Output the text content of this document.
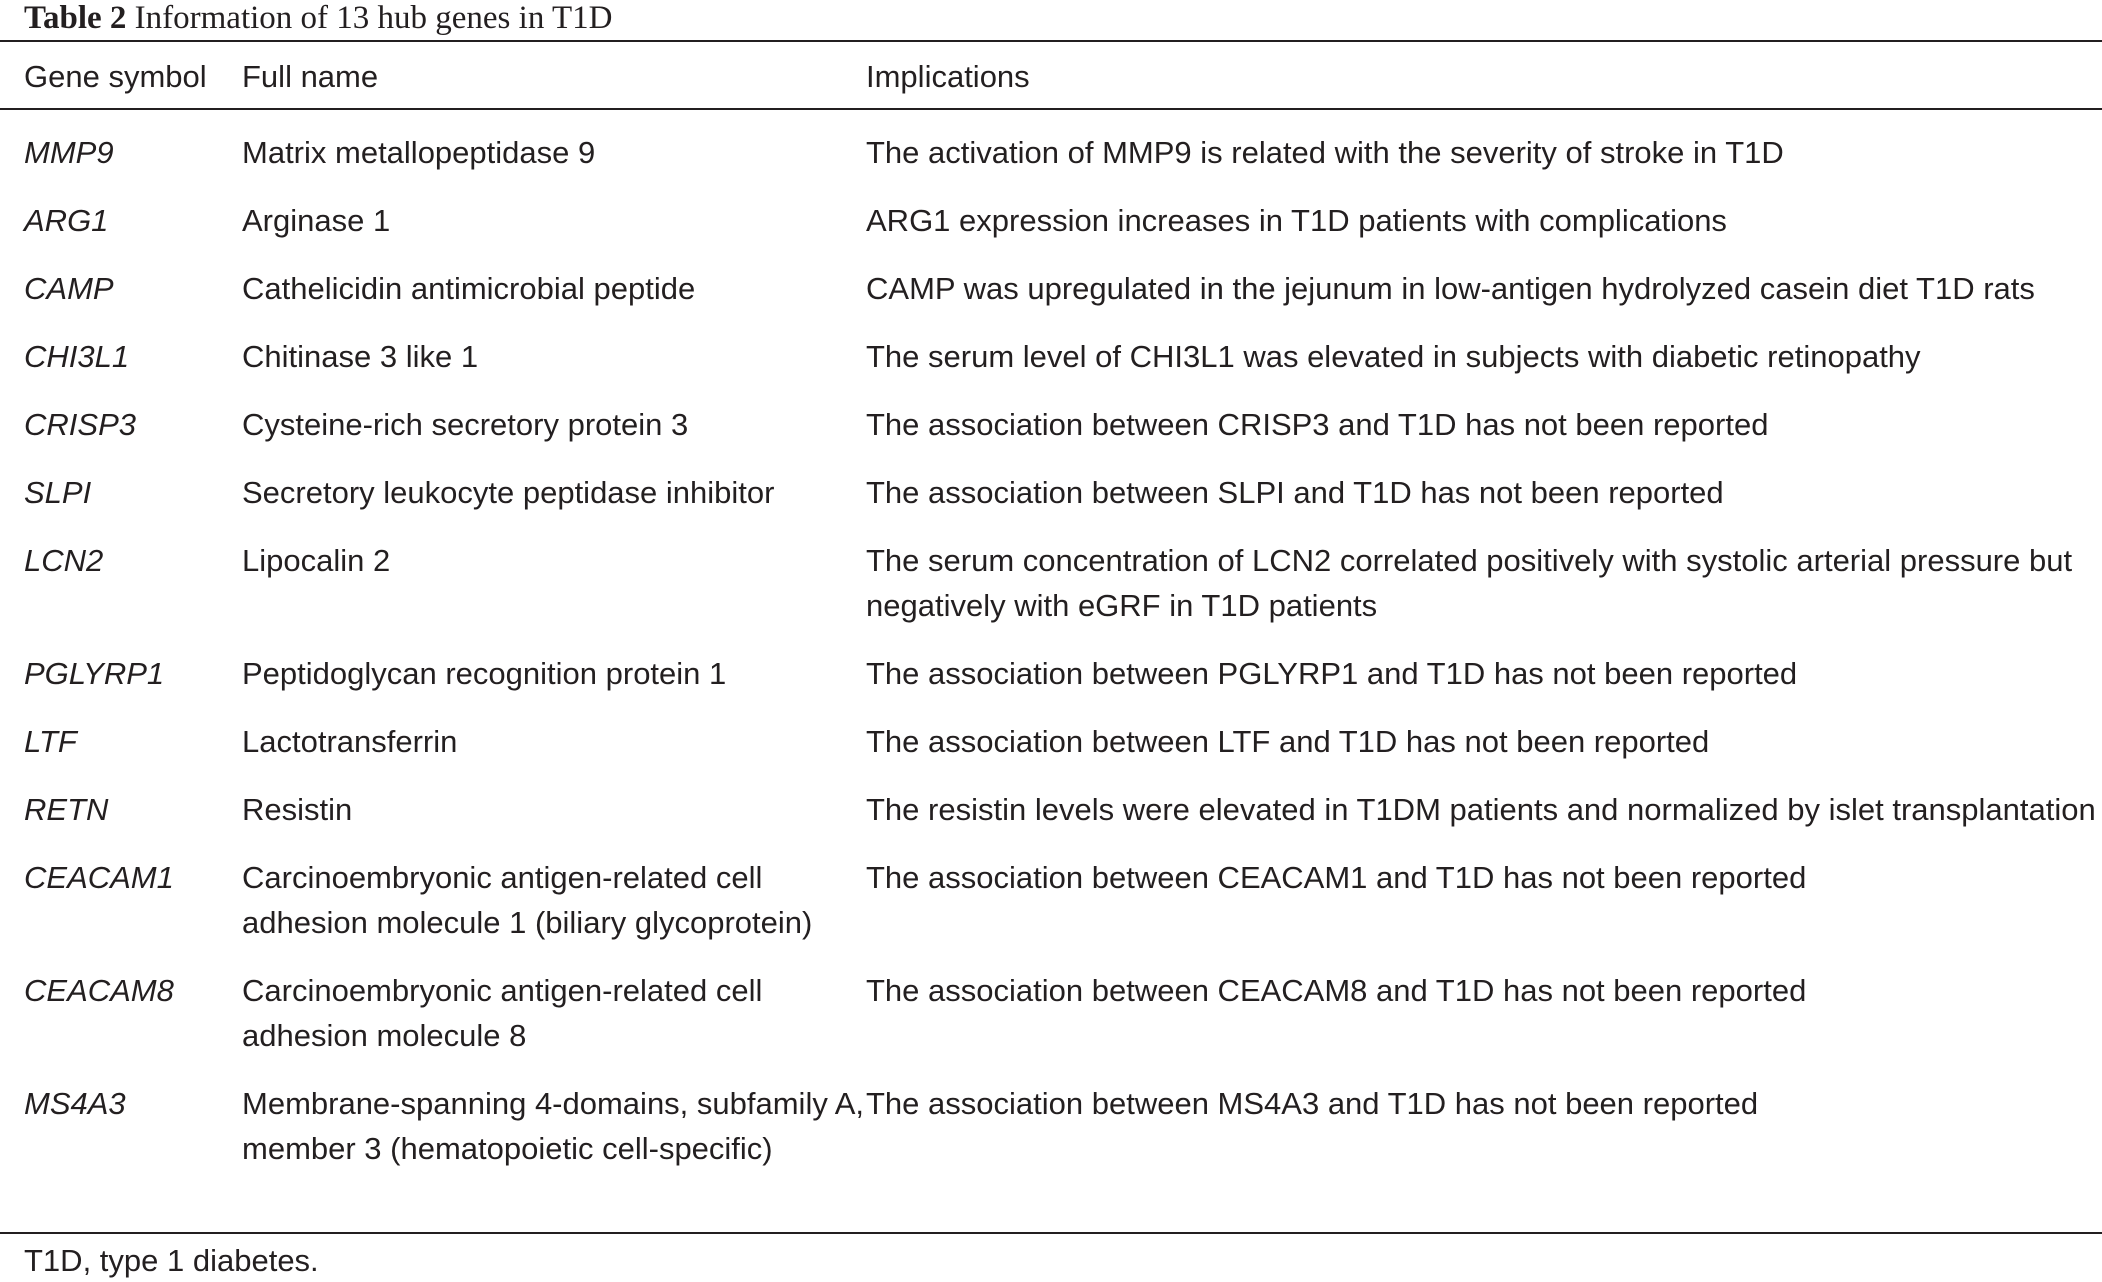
Table 2 Information of 13 hub genes in T1D
Gene symbol	Full name	Implications
MMP9	Matrix metallopeptidase 9	The activation of MMP9 is related with the severity of stroke in T1D
ARG1	Arginase 1	ARG1 expression increases in T1D patients with complications
CAMP	Cathelicidin antimicrobial peptide	CAMP was upregulated in the jejunum in low-antigen hydrolyzed casein diet T1D rats
CHI3L1	Chitinase 3 like 1	The serum level of CHI3L1 was elevated in subjects with diabetic retinopathy
CRISP3	Cysteine-rich secretory protein 3	The association between CRISP3 and T1D has not been reported
SLPI	Secretory leukocyte peptidase inhibitor	The association between SLPI and T1D has not been reported
LCN2	Lipocalin 2	The serum concentration of LCN2 correlated positively with systolic arterial pressure but negatively with eGRF in T1D patients
PGLYRP1	Peptidoglycan recognition protein 1	The association between PGLYRP1 and T1D has not been reported
LTF	Lactotransferrin	The association between LTF and T1D has not been reported
RETN	Resistin	The resistin levels were elevated in T1DM patients and normalized by islet transplantation
CEACAM1	Carcinoembryonic antigen-related cell adhesion molecule 1 (biliary glycoprotein)	The association between CEACAM1 and T1D has not been reported
CEACAM8	Carcinoembryonic antigen-related cell adhesion molecule 8	The association between CEACAM8 and T1D has not been reported
MS4A3	Membrane-spanning 4-domains, subfamily A, member 3 (hematopoietic cell-specific)	The association between MS4A3 and T1D has not been reported
T1D, type 1 diabetes.
